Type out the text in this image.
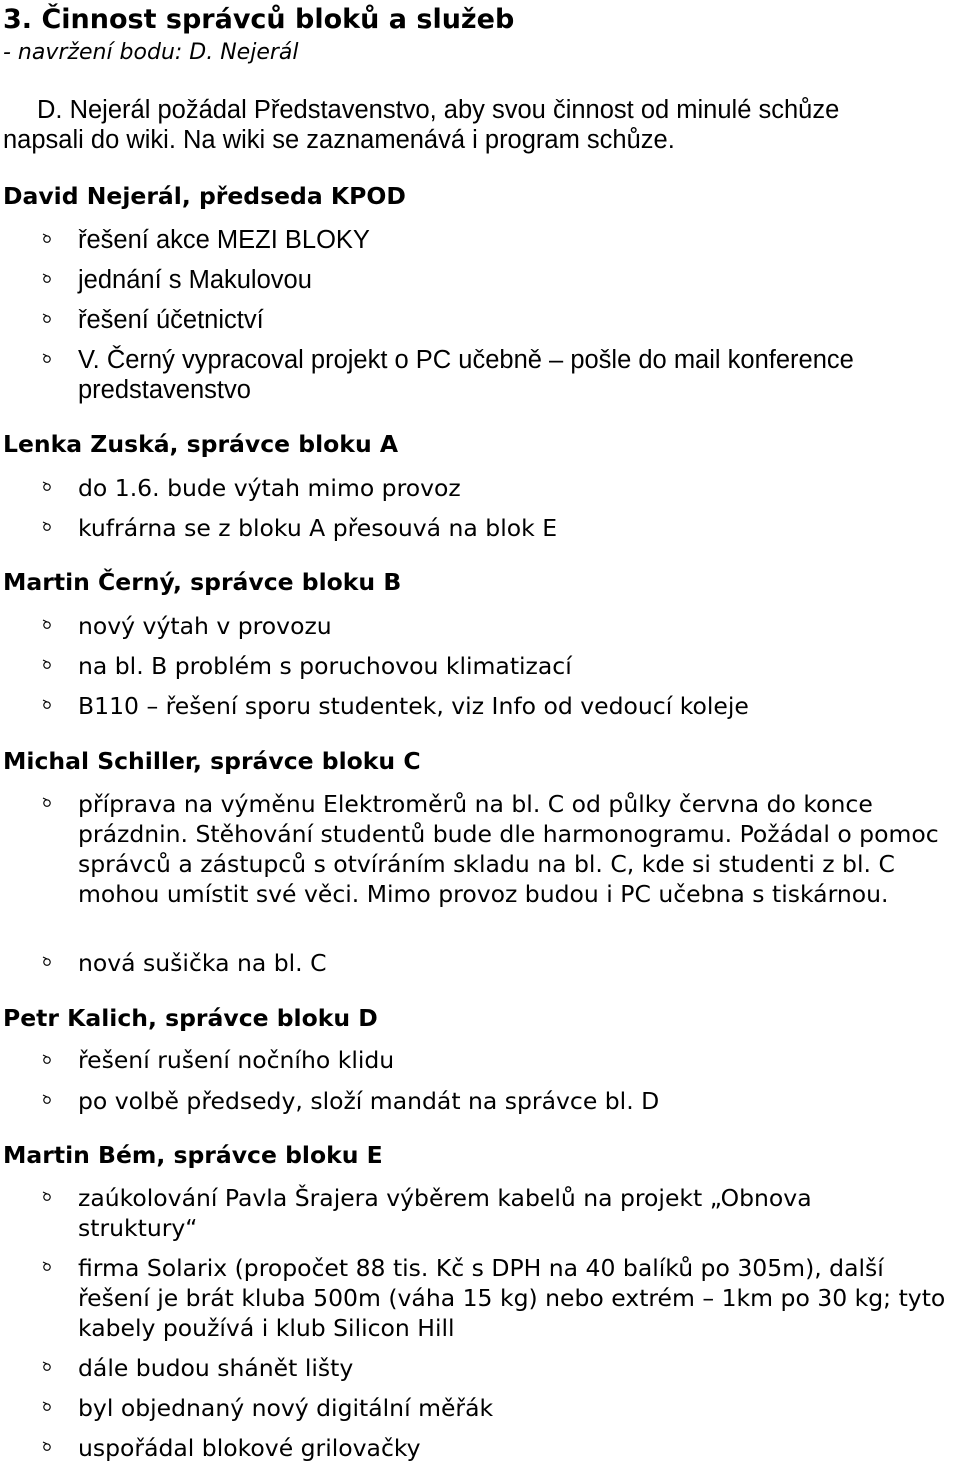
3. Činnost správců bloků a služeb
- navržení bodu: D. Nejerál
D. Nejerál požádal Představenstvo, aby svou činnost od minulé schůze
napsali do wiki. Na wiki se zaznamenává i program schůze.
David Nejerál, předseda KPOD
řešení akce MEZI BLOKY
jednání s Makulovou
řešení účetnictví
V. Černý vypracoval projekt o PC učebně – pošle do mail konference predstavenstvo
Lenka Zuská, správce bloku A
do 1.6. bude výtah mimo provoz
kufrárna se z bloku A přesouvá na blok E
Martin Černý, správce bloku B
nový výtah v provozu
na bl. B problém s poruchovou klimatizací
B110 – řešení sporu studentek, viz Info od vedoucí koleje
Michal Schiller, správce bloku C
příprava na výměnu Elektroměrů na bl. C od půlky června do konce prázdnin. Stěhování studentů bude dle harmonogramu. Požádal o pomoc správců a zástupců s otvíráním skladu na bl. C, kde si studenti z bl. C mohou umístit své věci. Mimo provoz budou i PC učebna s tiskárnou.
nová sušička na bl. C
Petr Kalich, správce bloku D
řešení rušení nočního klidu
po volbě předsedy, složí mandát na správce bl. D
Martin Bém, správce bloku E
zaúkolování Pavla Šrajera výběrem kabelů na projekt „Obnova struktury“
firma Solarix (propočet 88 tis. Kč s DPH na 40 balíků po 305m), další řešení je brát kluba 500m (váha 15 kg) nebo extrém – 1km po 30 kg; tyto kabely používá i klub Silicon Hill
dále budou shánět lišty
byl objednaný nový digitální měřák
uspořádal blokové grilovačky
